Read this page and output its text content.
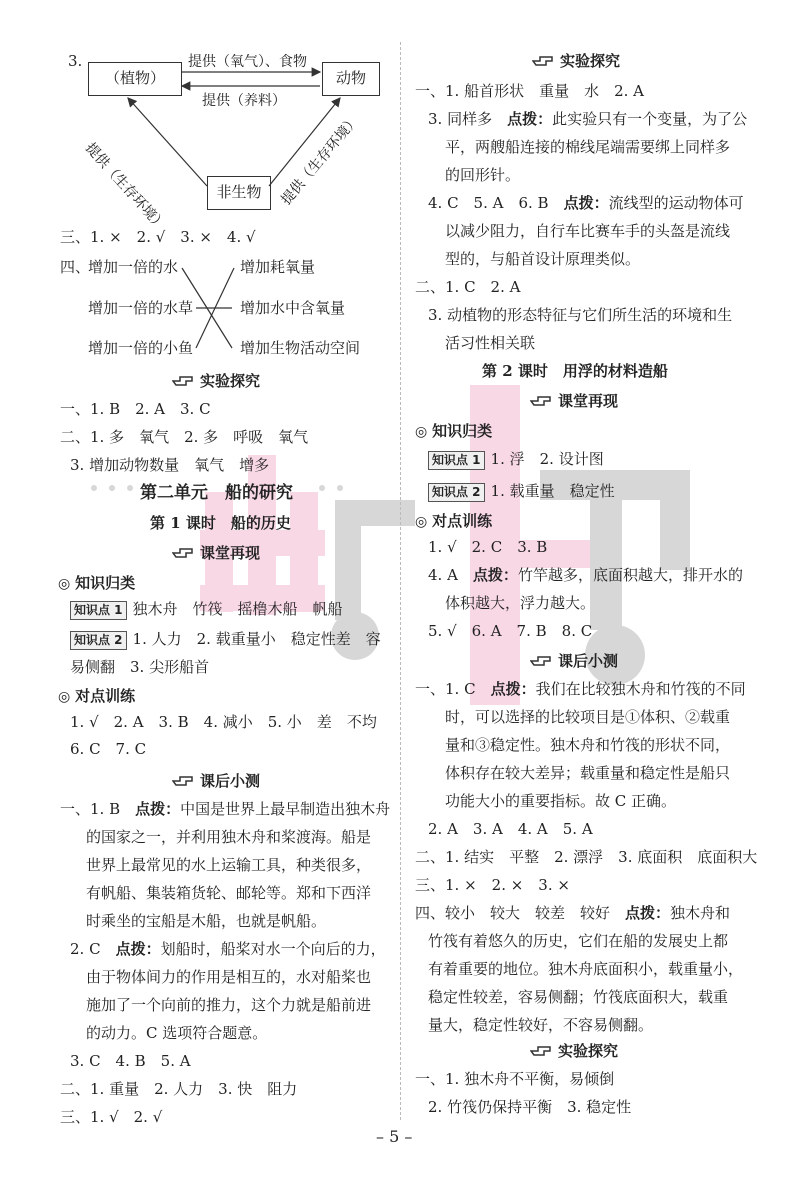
3.
（植物）	动物
非生物
提供（氧气）、食物
提供（养料）
提供（生存环境）	提供（生存环境）
三、1. ×　2. √　3. ×　4. √
四、
增加一倍的水
增加一倍的水草
增加一倍的小鱼
增加耗氧量
增加水中含氧量
增加生物活动空间
实验探究
一、1. B　2. A　3. C
二、1. 多　氧气　2. 多　呼吸　氧气
3. 增加动物数量　氧气　增多
第二单元　船的研究
第 1 课时　船的历史
课堂再现
◎ 知识归类
知识点 1 独木舟　竹筏　摇橹木船　帆船
知识点 2 1. 人力　2. 载重量小　稳定性差　容
易侧翻　3. 尖形船首
◎ 对点训练
1. √　2. A　3. B　4. 减小　5. 小　差　不均
6. C　7. C
课后小测
一、1. B　点拨：中国是世界上最早制造出独木舟
的国家之一，并利用独木舟和桨渡海。船是
世界上最常见的水上运输工具，种类很多，
有帆船、集装箱货轮、邮轮等。郑和下西洋
时乘坐的宝船是木船，也就是帆船。
2. C　点拨：划船时，船桨对水一个向后的力，
由于物体间力的作用是相互的，水对船桨也
施加了一个向前的推力，这个力就是船前进
的动力。C 选项符合题意。
3. C　4. B　5. A
二、1. 重量　2. 人力　3. 快　阻力
三、1. √　2. √
实验探究
一、1. 船首形状　重量　水　2. A
3. 同样多　点拨：此实验只有一个变量，为了公
平，两艘船连接的棉线尾端需要绑上同样多
的回形针。
4. C　5. A　6. B　点拨：流线型的运动物体可
以减少阻力，自行车比赛车手的头盔是流线
型的，与船首设计原理类似。
二、1. C　2. A
3. 动植物的形态特征与它们所生活的环境和生
活习性相关联
第 2 课时　用浮的材料造船
课堂再现
◎ 知识归类
知识点 1 1. 浮　2. 设计图
知识点 2 1. 载重量　稳定性
◎ 对点训练
1. √　2. C　3. B
4. A　点拨：竹竿越多，底面积越大，排开水的
体积越大，浮力越大。
5. √　6. A　7. B　8. C
课后小测
一、1. C　点拨：我们在比较独木舟和竹筏的不同
时，可以选择的比较项目是①体积、②载重
量和③稳定性。独木舟和竹筏的形状不同，
体积存在较大差异；载重量和稳定性是船只
功能大小的重要指标。故 C 正确。
2. A　3. A　4. A　5. A
二、1. 结实　平整　2. 漂浮　3. 底面积　底面积大
三、1. ×　2. ×　3. ×
四、较小　较大　较差　较好　点拨：独木舟和
竹筏有着悠久的历史，它们在船的发展史上都
有着重要的地位。独木舟底面积小，载重量小，
稳定性较差，容易侧翻；竹筏底面积大，载重
量大，稳定性较好，不容易侧翻。
实验探究
一、1. 独木舟不平衡，易倾倒
2. 竹筏仍保持平衡　3. 稳定性
– 5 –
